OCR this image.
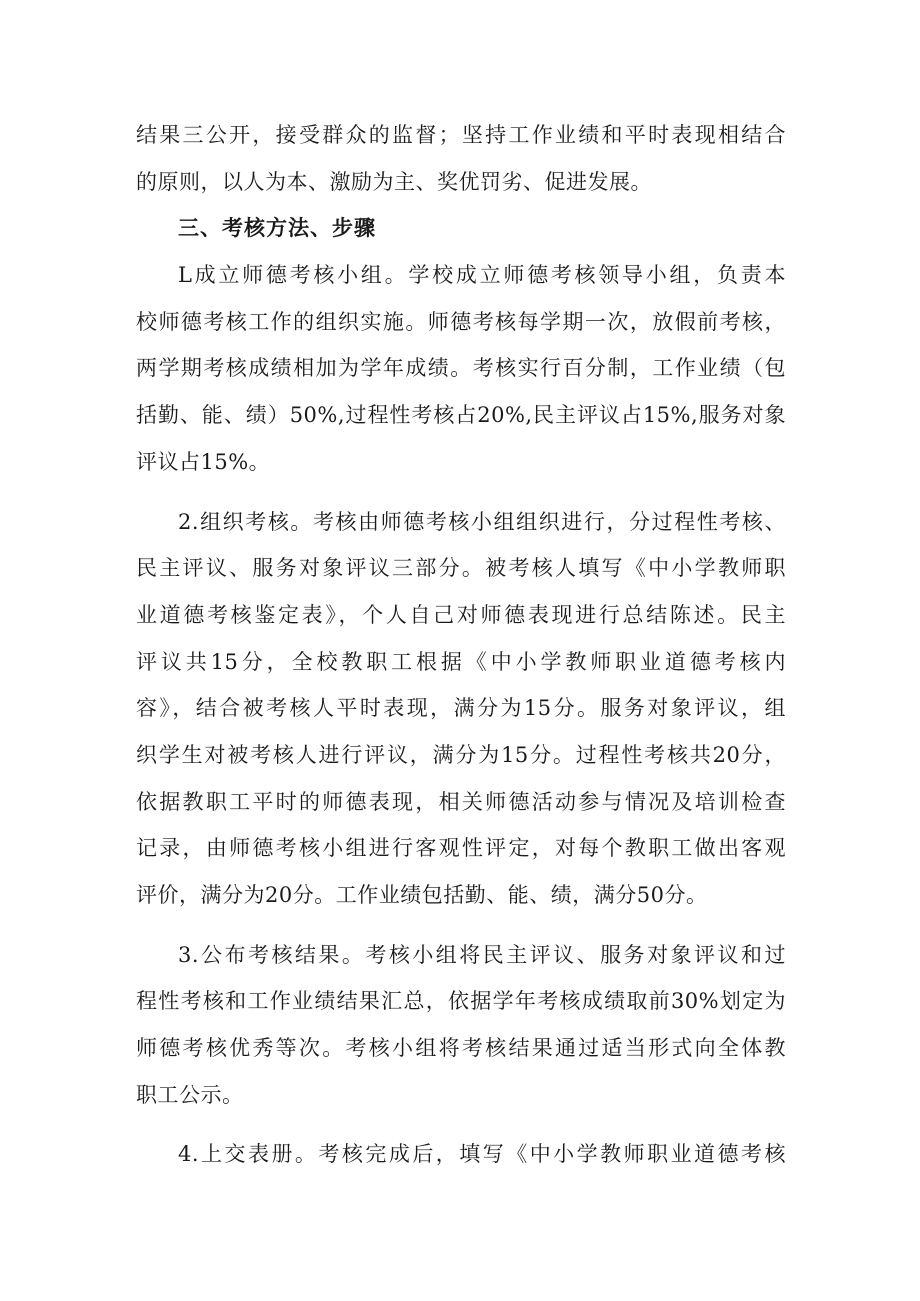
结果三公开，接受群众的监督；坚持工作业绩和平时表现相结合
的原则，以人为本、激励为主、奖优罚劣、促进发展。
三、考核方法、步骤
L成立师德考核小组。学校成立师德考核领导小组，负责本
校师德考核工作的组织实施。师德考核每学期一次，放假前考核，
两学期考核成绩相加为学年成绩。考核实行百分制，工作业绩（包
括勤、能、绩）50%,过程性考核占20%,民主评议占15%,服务对象
评议占15%。
2.组织考核。考核由师德考核小组组织进行，分过程性考核、
民主评议、服务对象评议三部分。被考核人填写《中小学教师职
业道德考核鉴定表》，个人自己对师德表现进行总结陈述。民主
评议共15分，全校教职工根据《中小学教师职业道德考核内
容》，结合被考核人平时表现，满分为15分。服务对象评议，组
织学生对被考核人进行评议，满分为15分。过程性考核共20分，
依据教职工平时的师德表现，相关师德活动参与情况及培训检查
记录，由师德考核小组进行客观性评定，对每个教职工做出客观
评价，满分为20分。工作业绩包括勤、能、绩，满分50分。
3.公布考核结果。考核小组将民主评议、服务对象评议和过
程性考核和工作业绩结果汇总，依据学年考核成绩取前30%划定为
师德考核优秀等次。考核小组将考核结果通过适当形式向全体教
职工公示。
4.上交表册。考核完成后，填写《中小学教师职业道德考核
